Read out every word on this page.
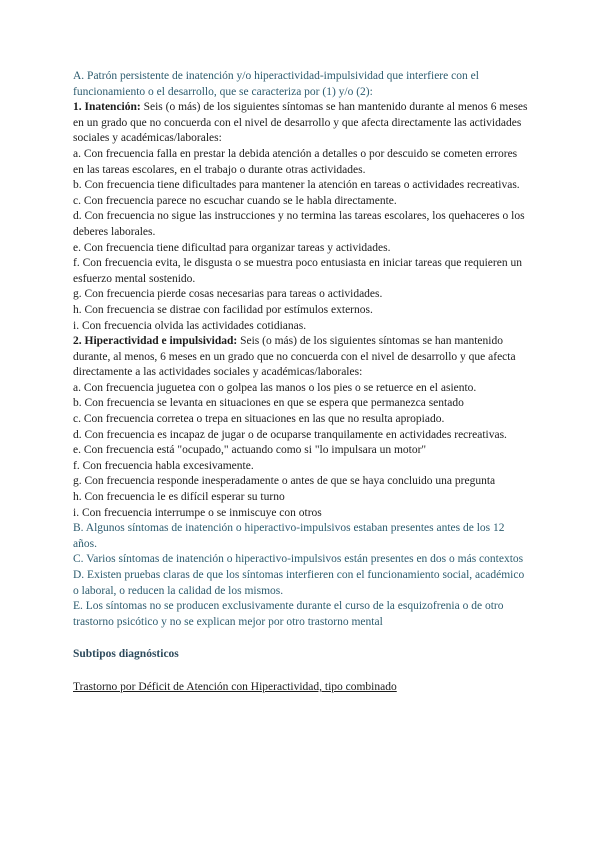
A. Patrón persistente de inatención y/o hiperactividad-impulsividad que interfiere con el funcionamiento o el desarrollo, que se caracteriza por (1) y/o (2):

1. Inatención: Seis (o más) de los siguientes síntomas se han mantenido durante al menos 6 meses en un grado que no concuerda con el nivel de desarrollo y que afecta directamente las actividades sociales y académicas/laborales:

a. Con frecuencia falla en prestar la debida atención a detalles o por descuido se cometen errores en las tareas escolares, en el trabajo o durante otras actividades.

b. Con frecuencia tiene dificultades para mantener la atención en tareas o actividades recreativas.

c. Con frecuencia parece no escuchar cuando se le habla directamente.

d. Con frecuencia no sigue las instrucciones y no termina las tareas escolares, los quehaceres o los deberes laborales.

e. Con frecuencia tiene dificultad para organizar tareas y actividades.

f. Con frecuencia evita, le disgusta o se muestra poco entusiasta en iniciar tareas que requieren un esfuerzo mental sostenido.

g. Con frecuencia pierde cosas necesarias para tareas o actividades.

h. Con frecuencia se distrae con facilidad por estímulos externos.

i. Con frecuencia olvida las actividades cotidianas.

2. Hiperactividad e impulsividad: Seis (o más) de los siguientes síntomas se han mantenido durante, al menos, 6 meses en un grado que no concuerda con el nivel de desarrollo y que afecta directamente a las actividades sociales y académicas/laborales:

a. Con frecuencia juguetea con o golpea las manos o los pies o se retuerce en el asiento.

b. Con frecuencia se levanta en situaciones en que se espera que permanezca sentado

c. Con frecuencia corretea o trepa en situaciones en las que no resulta apropiado.

d. Con frecuencia es incapaz de jugar o de ocuparse tranquilamente en actividades recreativas.

e. Con frecuencia está "ocupado," actuando como si "lo impulsara un motor"

f. Con frecuencia habla excesivamente.

g. Con frecuencia responde inesperadamente o antes de que se haya concluido una pregunta

h. Con frecuencia le es difícil esperar su turno

i. Con frecuencia interrumpe o se inmiscuye con otros

B. Algunos síntomas de inatención o hiperactivo-impulsivos estaban presentes antes de los 12 años.

C. Varios síntomas de inatención o hiperactivo-impulsivos están presentes en dos o más contextos

D. Existen pruebas claras de que los síntomas interfieren con el funcionamiento social, académico o laboral, o reducen la calidad de los mismos.

E. Los síntomas no se producen exclusivamente durante el curso de la esquizofrenia o de otro trastorno psicótico y no se explican mejor por otro trastorno mental

Subtipos diagnósticos

Trastorno por Déficit de Atención con Hiperactividad, tipo combinado
